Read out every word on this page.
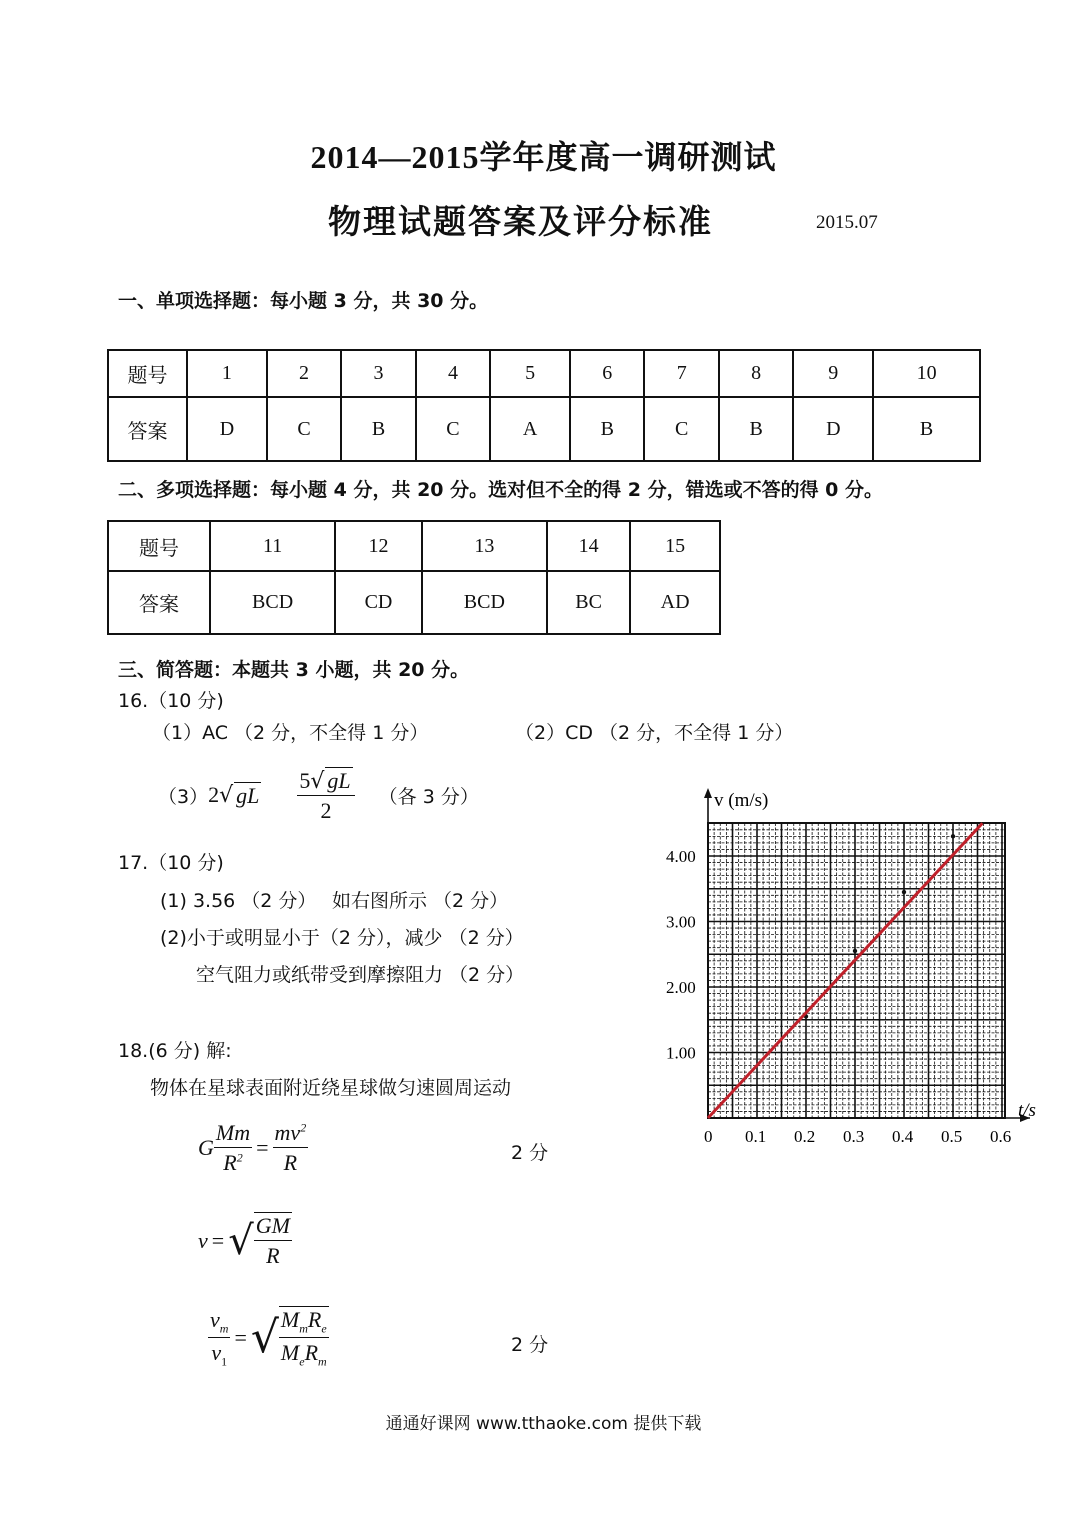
2014—2015学年度高一调研测试
物理试题答案及评分标准	2015.07
一、单项选择题：每小题 3 分，共 30 分。
题号	1	2	3	4	5	6	7	8	9	10
答案	D	C	B	C	A	B	C	B	D	B
二、多项选择题：每小题 4 分，共 20 分。选对但不全的得 2 分，错选或不答的得 0 分。
题号	11	12	13	14	15
答案	BCD	CD	BCD	BC	AD
三、简答题：本题共 3 小题，共 20 分。
16.（10 分)
（1）AC （2 分，不全得 1 分）	（2）CD （2 分，不全得 1 分）
（3） 2 √ gL $\frac{5√ gL}{2}$ （各 3 分）
17.（10 分)
(1) 3.56 （2 分）　 如右图所示 （2 分）
(2)小于或明显小于（2 分），减少 （2 分）
空气阻力或纸带受到摩擦阻力 （2 分）
18.(6 分) 解:
物体在星球表面附近绕星球做匀速圆周运动
G $\frac{Mm}{R^2} = \frac{mv^2}{R}$	2 分
v = √ $\frac{GM}{R}$
$\frac{v_m}{v_1}$ = √ $\frac{M_mR_e}{M_eR_m}$	2 分
v (m/s)
t/s
0 0.1 0.2 0.3 0.4 0.5 0.6
1.00
2.00
3.00
4.00
通通好课网 www.tthaoke.com 提供下载
